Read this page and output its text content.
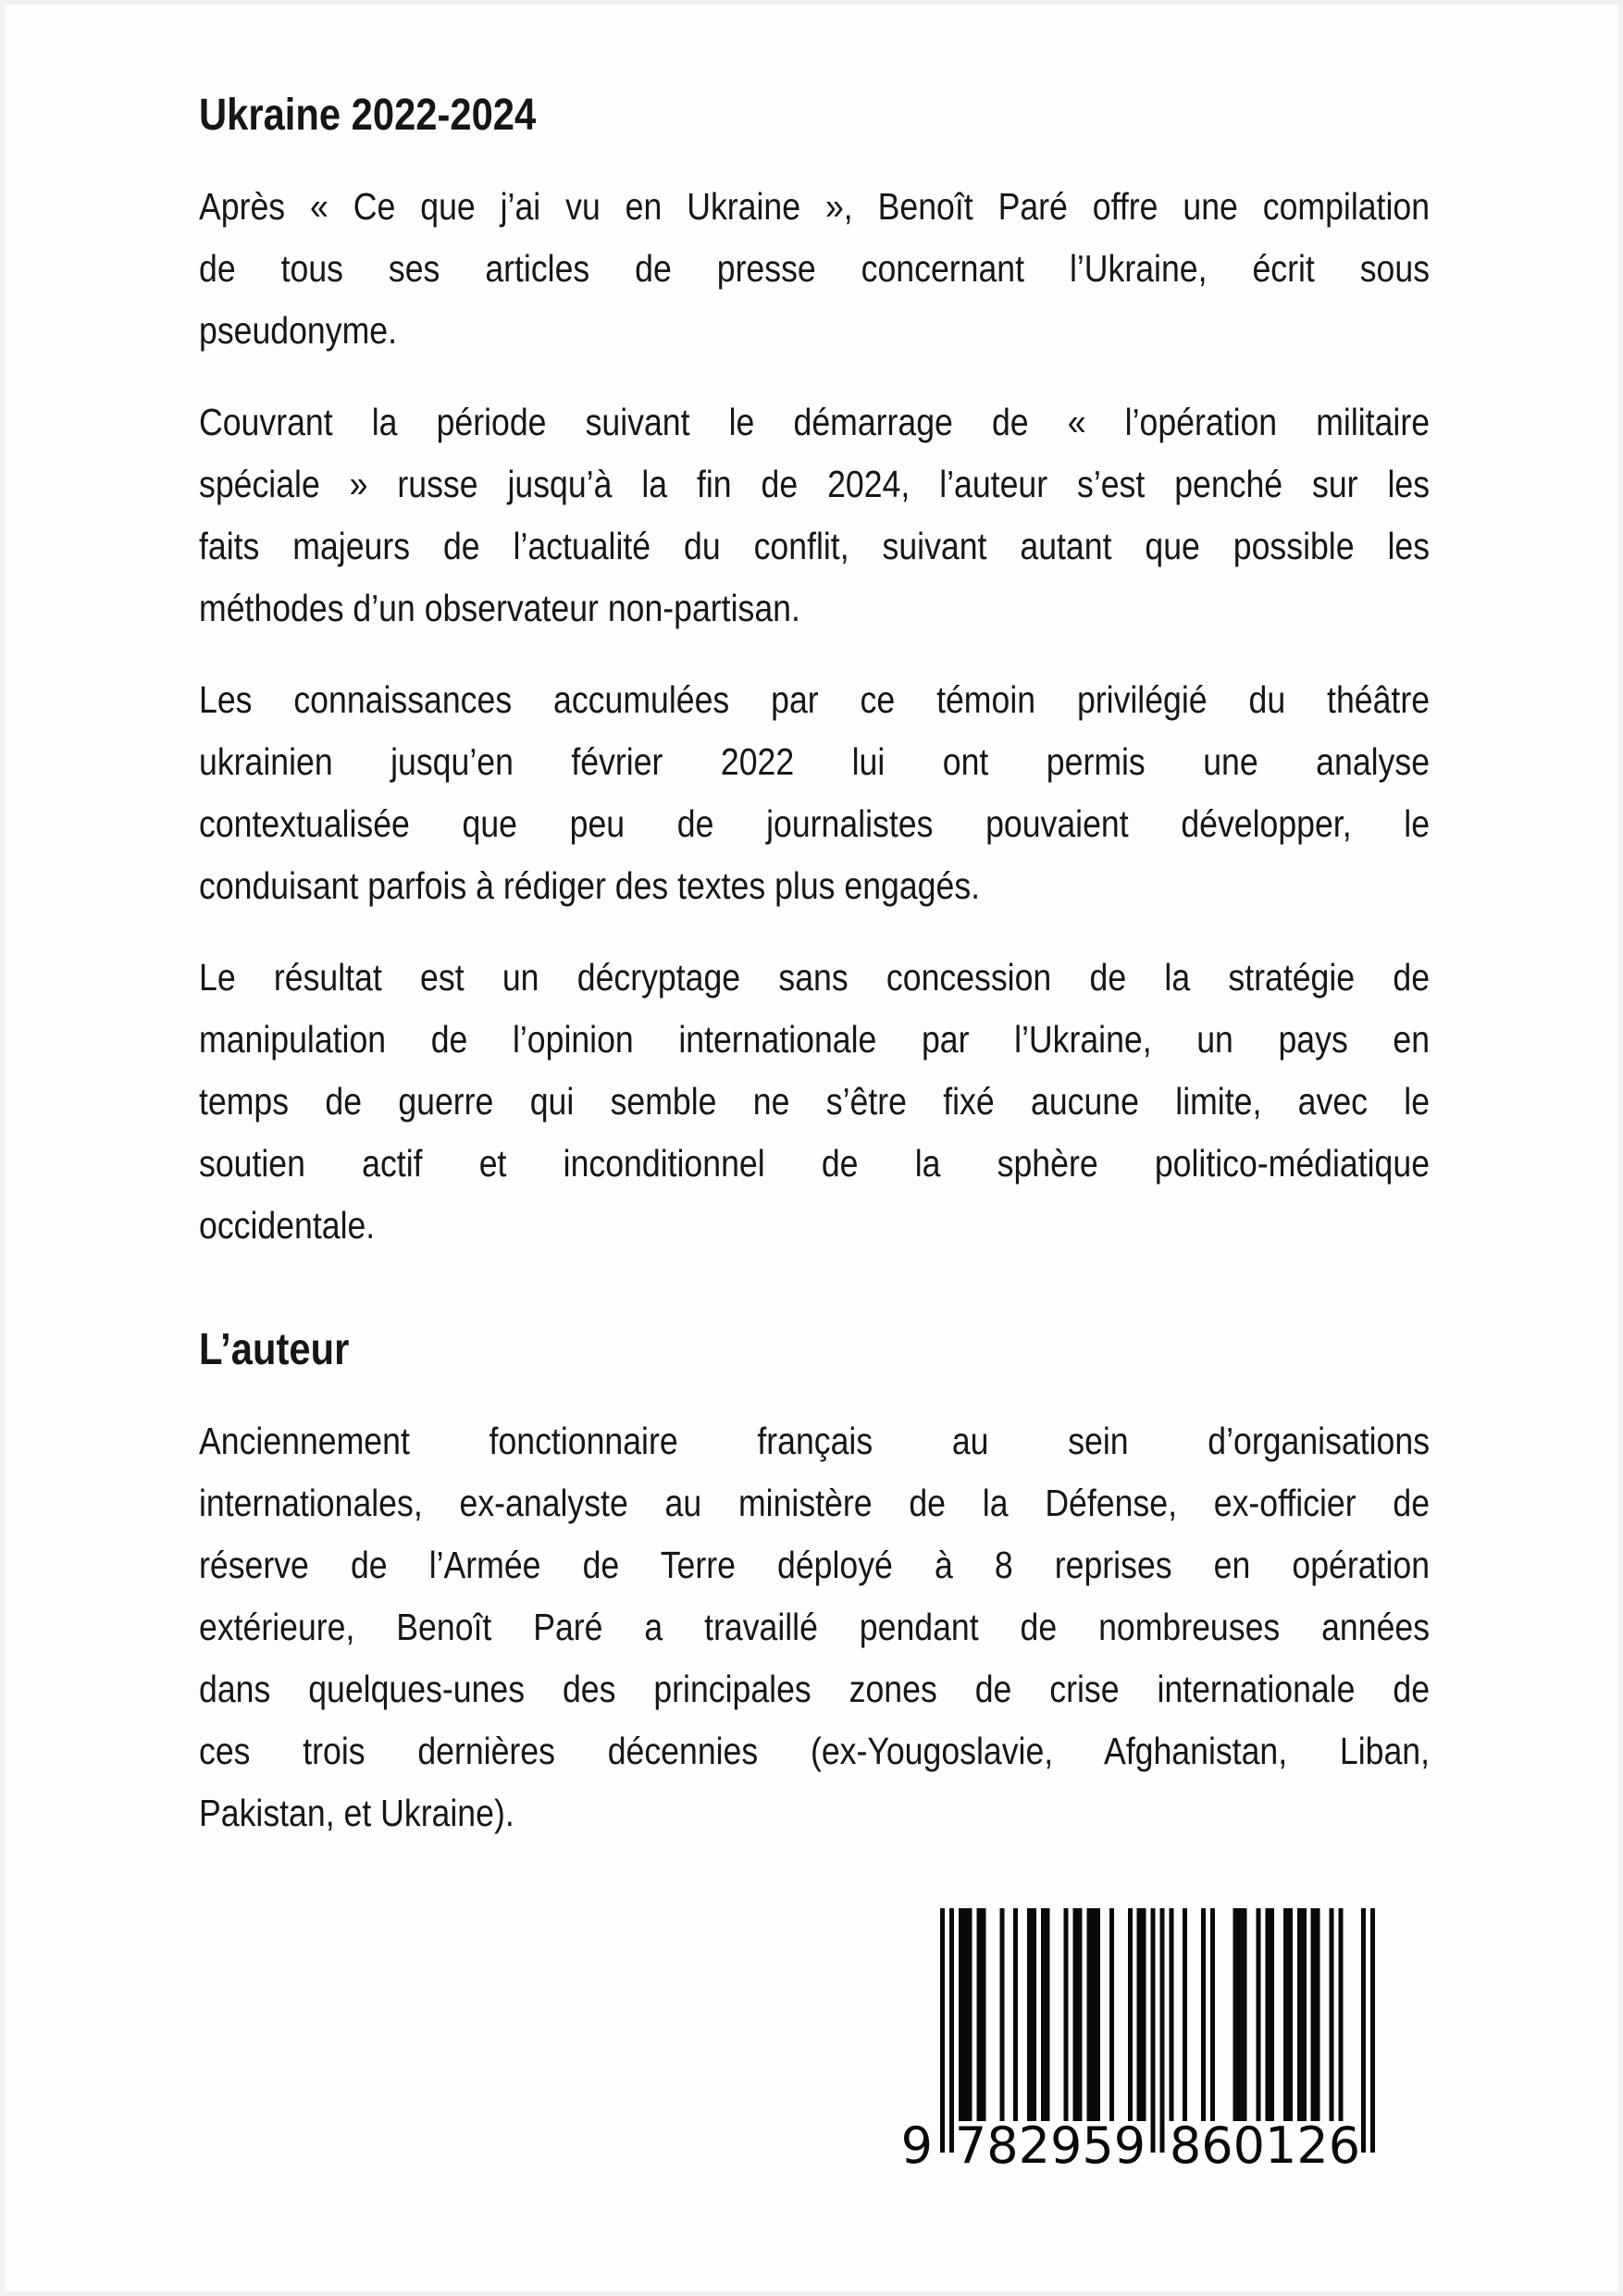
Ukraine 2022-2024
Après « Ce que j’ai vu en Ukraine », Benoît Paré offre une compilation
de tous ses articles de presse concernant l’Ukraine, écrit sous
pseudonyme.
Couvrant la période suivant le démarrage de « l’opération militaire
spéciale » russe jusqu’à la fin de 2024, l’auteur s’est penché sur les
faits majeurs de l’actualité du conflit, suivant autant que possible les
méthodes d’un observateur non-partisan.
Les connaissances accumulées par ce témoin privilégié du théâtre
ukrainien jusqu’en février 2022 lui ont permis une analyse
contextualisée que peu de journalistes pouvaient développer, le
conduisant parfois à rédiger des textes plus engagés.
Le résultat est un décryptage sans concession de la stratégie de
manipulation de l’opinion internationale par l’Ukraine, un pays en
temps de guerre qui semble ne s’être fixé aucune limite, avec le
soutien actif et inconditionnel de la sphère politico-médiatique
occidentale.
L’auteur
Anciennement fonctionnaire français au sein d’organisations
internationales, ex-analyste au ministère de la Défense, ex-officier de
réserve de l’Armée de Terre déployé à 8 reprises en opération
extérieure, Benoît Paré a travaillé pendant de nombreuses années
dans quelques-unes des principales zones de crise internationale de
ces trois dernières décennies (ex-Yougoslavie, Afghanistan, Liban,
Pakistan, et Ukraine).
9 782959 860126
